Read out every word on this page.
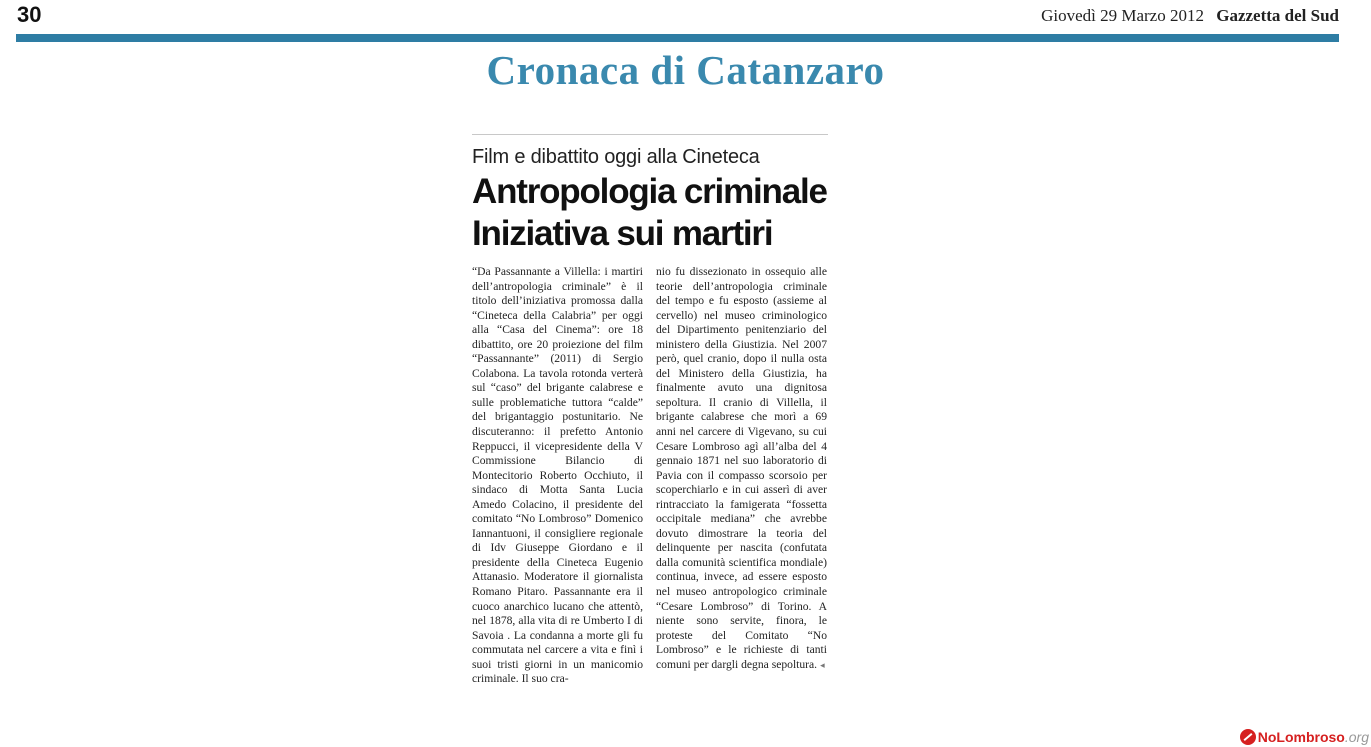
30	Giovedì 29 Marzo 2012 Gazzetta del Sud
Cronaca di Catanzaro
Film e dibattito oggi alla Cineteca
Antropologia criminale
Iniziativa sui martiri
“Da Passannante a Villella: i martiri dell’antropologia criminale” è il titolo dell’iniziativa promossa dalla “Cineteca della Calabria” per oggi alla “Casa del Cinema”: ore 18 dibattito, ore 20 proiezione del film “Passannante” (2011) di Sergio Colabona. La tavola rotonda verterà sul “caso” del brigante calabrese e sulle problematiche tuttora “calde” del brigantaggio postunitario. Ne discuteranno: il prefetto Antonio Reppucci, il vicepresidente della V Commissione Bilancio di Montecitorio Roberto Occhiuto, il sindaco di Motta Santa Lucia Amedo Colacino, il presidente del comitato “No Lombroso” Domenico Iannantuoni, il consigliere regionale di Idv Giuseppe Giordano e il presidente della Cineteca Eugenio Attanasio. Moderatore il giornalista Romano Pitaro. Passannante era il cuoco anarchico lucano che attentò, nel 1878, alla vita di re Umberto I di Savoia . La condanna a morte gli fu commutata nel carcere a vita e finì i suoi tristi giorni in un manicomio criminale. Il suo cra-
nio fu dissezionato in ossequio alle teorie dell’antropologia criminale del tempo e fu esposto (assieme al cervello) nel museo criminologico del Dipartimento penitenziario del ministero della Giustizia. Nel 2007 però, quel cranio, dopo il nulla osta del Ministero della Giustizia, ha finalmente avuto una dignitosa sepoltura. Il cranio di Villella, il brigante calabrese che morì a 69 anni nel carcere di Vigevano, su cui Cesare Lombroso agì all’alba del 4 gennaio 1871 nel suo laboratorio di Pavia con il compasso scorsoio per scoperchiarlo e in cui asserì di aver rintracciato la famigerata “fossetta occipitale mediana” che avrebbe dovuto dimostrare la teoria del delinquente per nascita (confutata dalla comunità scientifica mondiale) continua, invece, ad essere esposto nel museo antropologico criminale “Cesare Lombroso” di Torino. A niente sono servite, finora, le proteste del Comitato “No Lombroso” e le richieste di tanti comuni per dargli degna sepoltura. ◂
No Lombroso .org
